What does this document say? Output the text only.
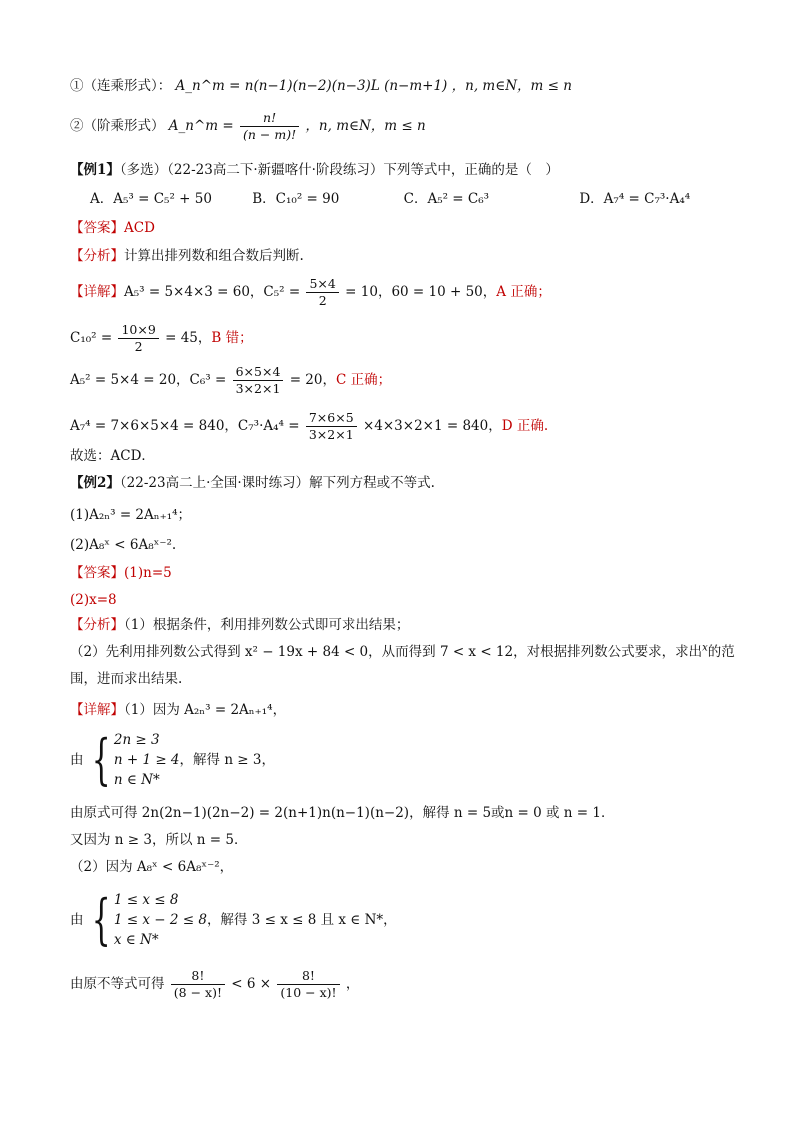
①（连乘形式）： A_n^m = n(n−1)(n−2)(n−3)L (n−m+1) ，n, m∈N，m ≤ n
②（阶乘形式） A_n^m = $\frac{n!}{(n - m)!}$ ，n, m∈N，m ≤ n
【例1】（多选）（22-23高二下·新疆喀什·阶段练习）下列等式中，正确的是（　）
A．A₅³ = C₅² + 50	B．C₁₀² = 90	C．A₅² = C₆³	D．A₇⁴ = C₇³·A₄⁴
【答案】ACD
【分析】计算出排列数和组合数后判断.
【详解】A₅³ = 5×4×3 = 60，$C_5^2 = \frac{5\times 4}{2} = 10$，60 = 10 + 50，A 正确；
$C_{10}^2 = \frac{10\times 9}{2} = 45$，B 错；
A₅² = 5×4 = 20，$C_6^3 = \frac{6\times 5\times 4}{3\times 2\times 1} = 20$，C 正确；
A₇⁴ = 7×6×5×4 = 840，$C_7^3\cdot A_4^4 = \frac{7\times 6\times 5}{3\times 2\times 1} \times 4\times 3\times 2\times 1 = 840$，D 正确.
故选：ACD．
【例2】（22-23高二上·全国·课时练习）解下列方程或不等式.
(1)A₂ₙ³ = 2Aₙ₊₁⁴；
(2)A₈ˣ < 6A₈ˣ⁻².
【答案】(1)n=5
(2)x=8
【分析】（1）根据条件，利用排列数公式即可求出结果；
（2）先利用排列数公式得到 x² − 19x + 84 < 0，从而得到 7 < x < 12，对根据排列数公式要求，求出$^x$的范
围，进而求出结果.
【详解】（1）因为 A₂ₙ³ = 2Aₙ₊₁⁴，
由 { 2n ≥ 3
n + 1 ≥ 4
n ∈ N*
，解得 n ≥ 3，
由原式可得 2n(2n−1)(2n−2) = 2(n+1)n(n−1)(n−2)，解得 n = 5或n = 0 或 n = 1．
又因为 n ≥ 3，所以 n = 5．
（2）因为 A₈ˣ < 6A₈ˣ⁻²，
由 { 1 ≤ x ≤ 8
1 ≤ x − 2 ≤ 8
x ∈ N*
，解得 3 ≤ x ≤ 8 且 x ∈ N*，
由原不等式可得 $\frac{8!}{(8 - x)!} < 6 \times \frac{8!}{(10 - x)!}$ ，
